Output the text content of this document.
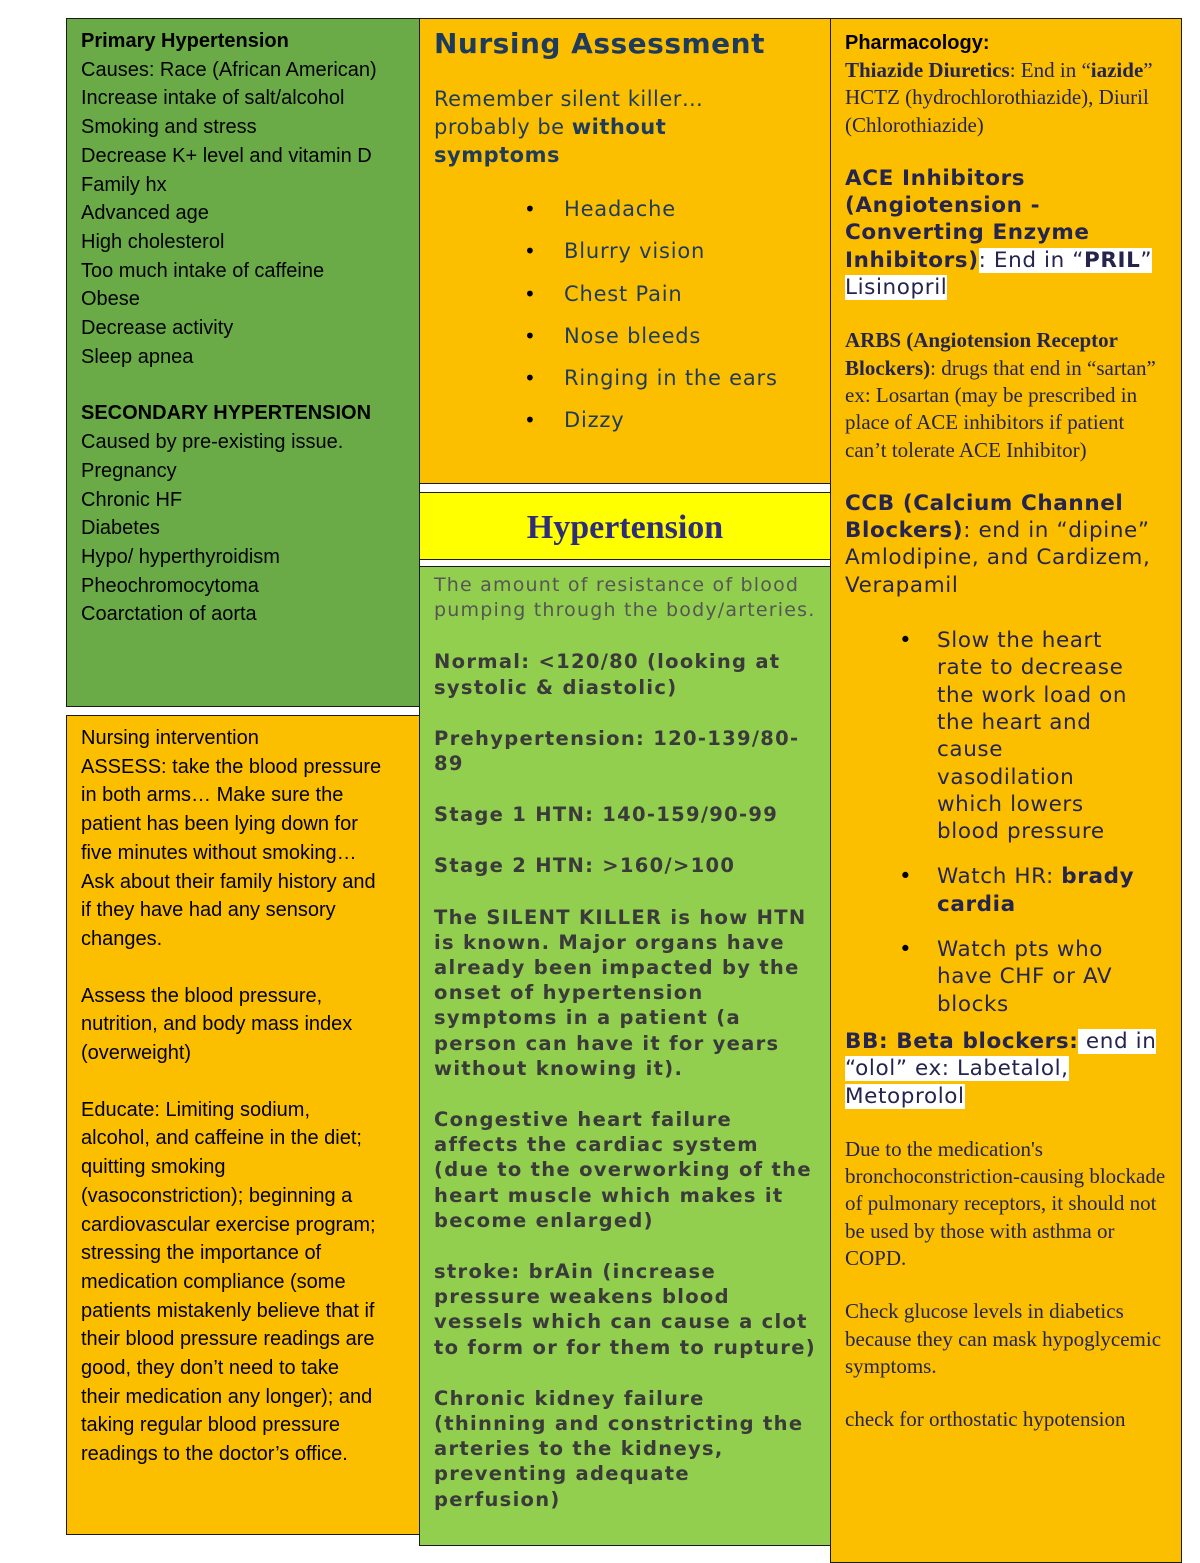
Primary Hypertension
Causes: Race (African American)
Increase intake of salt/alcohol
Smoking and stress
Decrease K+ level and vitamin D
Family hx
Advanced age
High cholesterol
Too much intake of caffeine
Obese
Decrease activity
Sleep apnea
SECONDARY HYPERTENSION
Caused by pre-existing issue.
Pregnancy
Chronic HF
Diabetes
Hypo/ hyperthyroidism
Pheochromocytoma
Coarctation of aorta
Nursing intervention
ASSESS: take the blood pressure
in both arms… Make sure the
patient has been lying down for
five minutes without smoking…
Ask about their family history and
if they have had any sensory
changes.
Assess the blood pressure,
nutrition, and body mass index
(overweight)
Educate: Limiting sodium,
alcohol, and caffeine in the diet;
quitting smoking
(vasoconstriction); beginning a
cardiovascular exercise program;
stressing the importance of
medication compliance (some
patients mistakenly believe that if
their blood pressure readings are
good, they don’t need to take
their medication any longer); and
taking regular blood pressure
readings to the doctor’s office.
Nursing Assessment
Remember silent killer… probably be without symptoms
• Headache
• Blurry vision
• Chest Pain
• Nose bleeds
• Ringing in the ears
• Dizzy
Hypertension
The amount of resistance of blood pumping through the body/arteries.
Normal: <120/80 (looking at systolic & diastolic)
Prehypertension: 120-139/80-89
Stage 1 HTN: 140-159/90-99
Stage 2 HTN: >160/>100
The SILENT KILLER is how HTN is known. Major organs have already been impacted by the onset of hypertension symptoms in a patient (a person can have it for years without knowing it).
Congestive heart failure affects the cardiac system (due to the overworking of the heart muscle which makes it become enlarged)
stroke: brAin (increase pressure weakens blood vessels which can cause a clot to form or for them to rupture)
Chronic kidney failure (thinning and constricting the arteries to the kidneys, preventing adequate perfusion)
Pharmacology:
Thiazide Diuretics: End in “iazide” HCTZ (hydrochlorothiazide), Diuril (Chlorothiazide)
ACE Inhibitors (Angiotension -Converting Enzyme Inhibitors): End in “PRIL”
Lisinopril
ARBS (Angiotension Receptor Blockers): drugs that end in “sartan” ex: Losartan (may be prescribed in place of ACE inhibitors if patient can’t tolerate ACE Inhibitor)
CCB (Calcium Channel Blockers): end in “dipine” Amlodipine, and Cardizem, Verapamil
• Slow the heart rate to decrease the work load on the heart and cause vasodilation which lowers blood pressure
• Watch HR: bradycardia
• Watch pts who have CHF or AV blocks
BB: Beta blockers: end in “olol” ex: Labetalol, Metoprolol
Due to the medication's bronchoconstriction-causing blockade of pulmonary receptors, it should not be used by those with asthma or COPD.
Check glucose levels in diabetics because they can mask hypoglycemic symptoms.
check for orthostatic hypotension
